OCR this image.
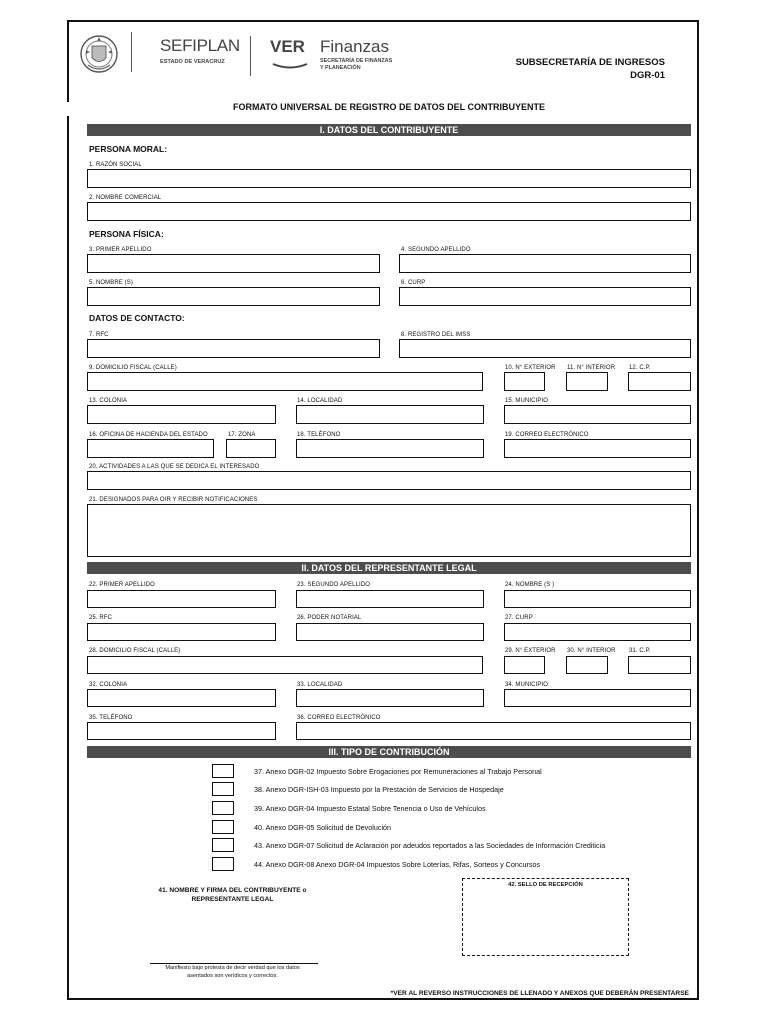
SEFIPLAN
ESTADO DE VERACRUZ
VER Finanzas
SECRETARÍA DE FINANZAS
Y PLANEACIÓN	SUBSECRETARÍA DE INGRESOS
DGR-01
FORMATO UNIVERSAL DE REGISTRO DE DATOS DEL CONTRIBUYENTE
I. DATOS DEL CONTRIBUYENTE
PERSONA MORAL:
1. RAZÓN SOCIAL
2. NOMBRE COMERCIAL
PERSONA FÍSICA:
3. PRIMER APELLIDO	4. SEGUNDO APELLIDO
5. NOMBRE (S)	6. CURP
DATOS DE CONTACTO:
7. RFC	8. REGISTRO DEL IMSS
9. DOMICILIO FISCAL (CALLE)	10. N° EXTERIOR 11. N° INTERIOR 12. C.P.
13. COLONIA	14. LOCALIDAD	15. MUNICIPIO
16. OFICINA DE HACIENDA DEL ESTADO	17. ZONA	18. TELÉFONO	19. CORREO ELECTRÓNICO
20. ACTIVIDADES A LAS QUE SE DEDICA EL INTERESADO
21. DESIGNADOS PARA OIR Y RECIBIR NOTIFICACIONES
II. DATOS DEL REPRESENTANTE LEGAL
22. PRIMER APELLIDO	23. SEGUNDO APELLIDO	24. NOMBRE (S )
25. RFC	26. PODER NOTARIAL	27. CURP
28. DOMICILIO FISCAL (CALLE)	29. N° EXTERIOR 30. N° INTERIOR 31. C.P.
32. COLONIA	33. LOCALIDAD	34. MUNICIPIO
35. TELÉFONO	36. CORREO ELECTRÓNICO
III. TIPO DE CONTRIBUCIÓN
37. Anexo DGR-02 Impuesto Sobre Erogaciones por Remuneraciones al Trabajo Personal
38. Anexo DGR-ISH-03 Impuesto por la Prestación de Servicios de Hospedaje
39. Anexo DGR-04 Impuesto Estatal Sobre Tenencia o Uso de Vehículos
40. Anexo DGR-05 Solicitud de Devolución
43. Anexo DGR-07 Solicitud de Aclaración por adeudos reportados a las Sociedades de Información Crediticia
44. Anexo DGR-08 Anexo DGR-04 Impuestos Sobre Loterías, Rifas, Sorteos y Concursos
41. NOMBRE Y FIRMA DEL CONTRIBUYENTE o
REPRESENTANTE LEGAL
42. SELLO DE RECEPCIÓN
Manifiesto bajo protesta de decir verdad que los datos
asentados son verídicos y correctos.
*VER AL REVERSO INSTRUCCIONES DE LLENADO Y ANEXOS QUE DEBERÁN PRESENTARSE
